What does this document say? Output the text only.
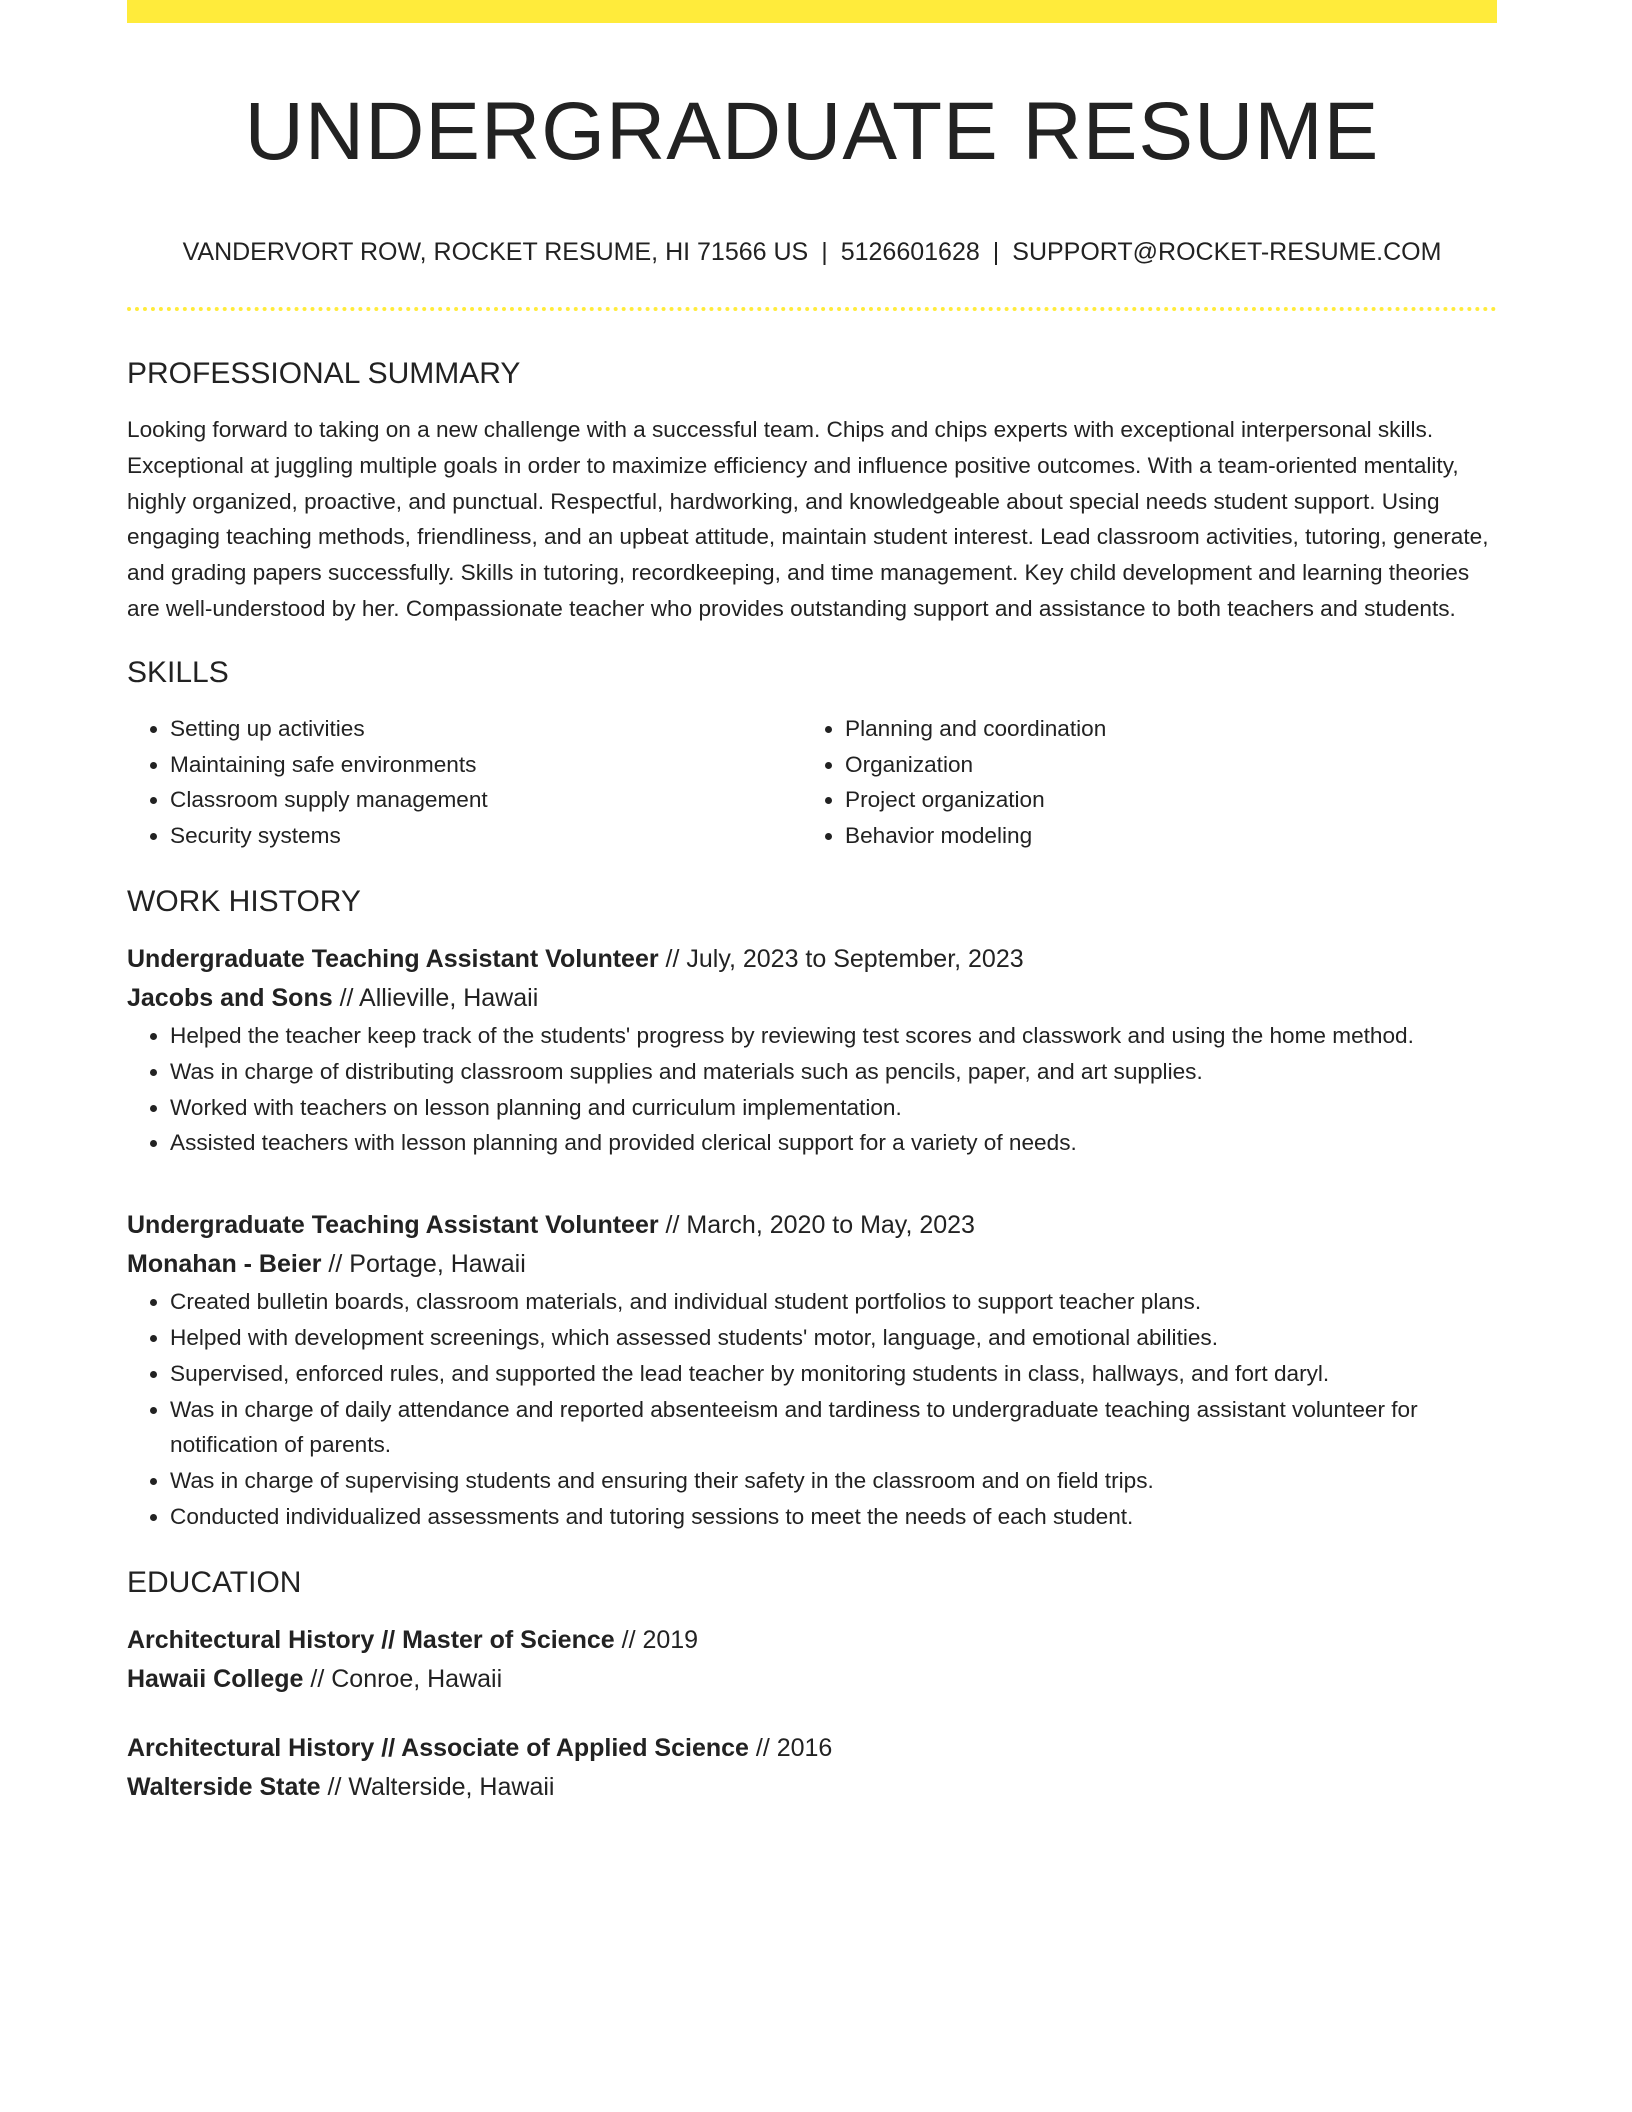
UNDERGRADUATE RESUME
VANDERVORT ROW, ROCKET RESUME, HI 71566 US | 5126601628 | SUPPORT@ROCKET-RESUME.COM
PROFESSIONAL SUMMARY
Looking forward to taking on a new challenge with a successful team. Chips and chips experts with exceptional interpersonal skills. Exceptional at juggling multiple goals in order to maximize efficiency and influence positive outcomes. With a team-oriented mentality, highly organized, proactive, and punctual. Respectful, hardworking, and knowledgeable about special needs student support. Using engaging teaching methods, friendliness, and an upbeat attitude, maintain student interest. Lead classroom activities, tutoring, generate, and grading papers successfully. Skills in tutoring, recordkeeping, and time management. Key child development and learning theories are well-understood by her. Compassionate teacher who provides outstanding support and assistance to both teachers and students.
SKILLS
• Setting up activities
• Maintaining safe environments
• Classroom supply management
• Security systems
• Planning and coordination
• Organization
• Project organization
• Behavior modeling
WORK HISTORY
Undergraduate Teaching Assistant Volunteer // July, 2023 to September, 2023
Jacobs and Sons // Allieville, Hawaii
• Helped the teacher keep track of the students' progress by reviewing test scores and classwork and using the home method.
• Was in charge of distributing classroom supplies and materials such as pencils, paper, and art supplies.
• Worked with teachers on lesson planning and curriculum implementation.
• Assisted teachers with lesson planning and provided clerical support for a variety of needs.
Undergraduate Teaching Assistant Volunteer // March, 2020 to May, 2023
Monahan - Beier // Portage, Hawaii
• Created bulletin boards, classroom materials, and individual student portfolios to support teacher plans.
• Helped with development screenings, which assessed students' motor, language, and emotional abilities.
• Supervised, enforced rules, and supported the lead teacher by monitoring students in class, hallways, and fort daryl.
• Was in charge of daily attendance and reported absenteeism and tardiness to undergraduate teaching assistant volunteer for notification of parents.
• Was in charge of supervising students and ensuring their safety in the classroom and on field trips.
• Conducted individualized assessments and tutoring sessions to meet the needs of each student.
EDUCATION
Architectural History // Master of Science // 2019
Hawaii College // Conroe, Hawaii
Architectural History // Associate of Applied Science // 2016
Walterside State // Walterside, Hawaii
